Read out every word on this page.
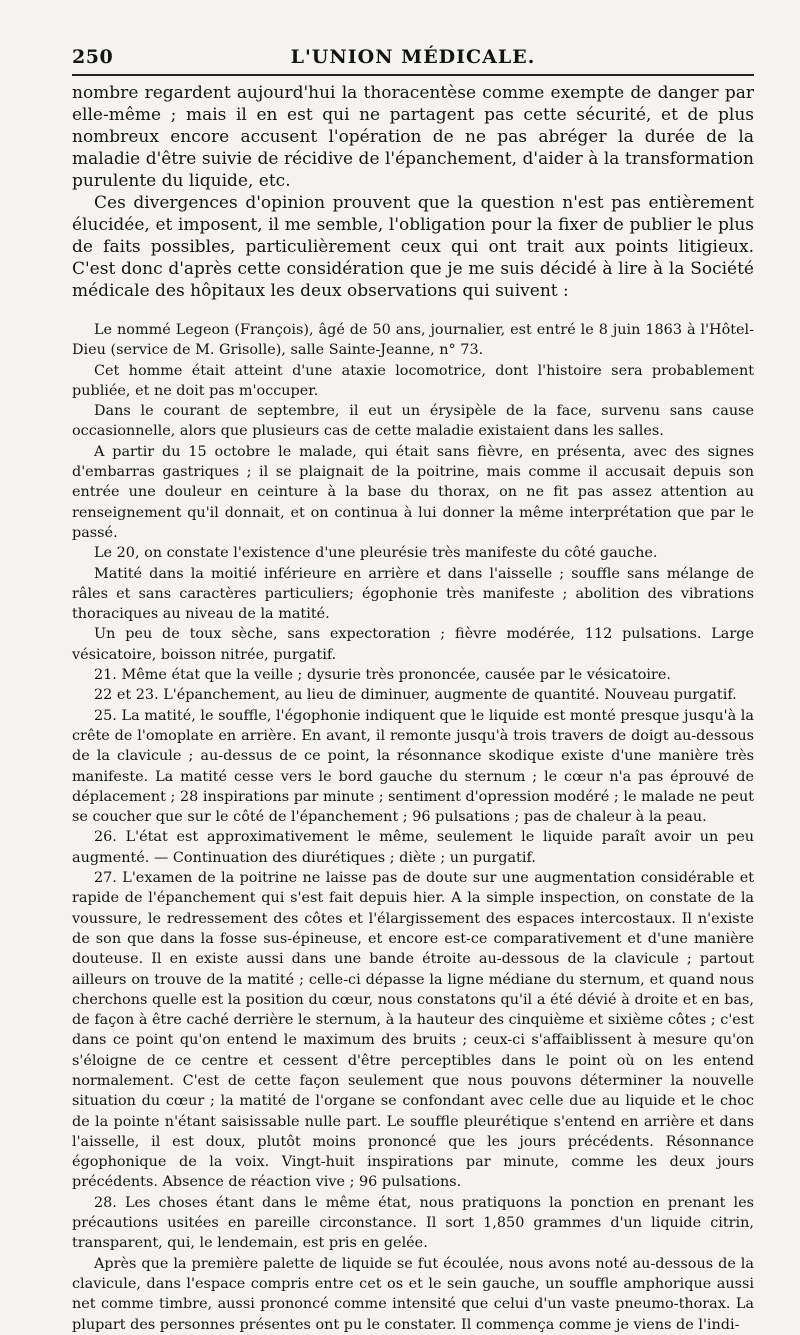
250	L'UNION MÉDICALE.

nombre regardent aujourd'hui la thoracentèse comme exempte de danger par elle-même ; mais il en est qui ne partagent pas cette sécurité, et de plus nombreux encore accusent l'opération de ne pas abréger la durée de la maladie d'être suivie de récidive de l'épanchement, d'aider à la transformation purulente du liquide, etc.

Ces divergences d'opinion prouvent que la question n'est pas entièrement élucidée, et imposent, il me semble, l'obligation pour la fixer de publier le plus de faits possibles, particulièrement ceux qui ont trait aux points litigieux. C'est donc d'après cette considération que je me suis décidé à lire à la Société médicale des hôpitaux les deux observations qui suivent :

Le nommé Legeon (François), âgé de 50 ans, journalier, est entré le 8 juin 1863 à l'Hôtel-Dieu (service de M. Grisolle), salle Sainte-Jeanne, n° 73.

Cet homme était atteint d'une ataxie locomotrice, dont l'histoire sera probablement publiée, et ne doit pas m'occuper.

Dans le courant de septembre, il eut un érysipèle de la face, survenu sans cause occasionnelle, alors que plusieurs cas de cette maladie existaient dans les salles.

A partir du 15 octobre le malade, qui était sans fièvre, en présenta, avec des signes d'embarras gastriques ; il se plaignait de la poitrine, mais comme il accusait depuis son entrée une douleur en ceinture à la base du thorax, on ne fit pas assez attention au renseignement qu'il donnait, et on continua à lui donner la même interprétation que par le passé.

Le 20, on constate l'existence d'une pleurésie très manifeste du côté gauche.

Matité dans la moitié inférieure en arrière et dans l'aisselle ; souffle sans mélange de râles et sans caractères particuliers; égophonie très manifeste ; abolition des vibrations thoraciques au niveau de la matité.

Un peu de toux sèche, sans expectoration ; fièvre modérée, 112 pulsations. Large vésicatoire, boisson nitrée, purgatif.

21. Même état que la veille ; dysurie très prononcée, causée par le vésicatoire.

22 et 23. L'épanchement, au lieu de diminuer, augmente de quantité. Nouveau purgatif.

25. La matité, le souffle, l'égophonie indiquent que le liquide est monté presque jusqu'à la crête de l'omoplate en arrière. En avant, il remonte jusqu'à trois travers de doigt au-dessous de la clavicule ; au-dessus de ce point, la résonnance skodique existe d'une manière très manifeste. La matité cesse vers le bord gauche du sternum ; le cœur n'a pas éprouvé de déplacement ; 28 inspirations par minute ; sentiment d'opression modéré ; le malade ne peut se coucher que sur le côté de l'épanchement ; 96 pulsations ; pas de chaleur à la peau.

26. L'état est approximativement le même, seulement le liquide paraît avoir un peu augmenté. — Continuation des diurétiques ; diète ; un purgatif.

27. L'examen de la poitrine ne laisse pas de doute sur une augmentation considérable et rapide de l'épanchement qui s'est fait depuis hier. A la simple inspection, on constate de la voussure, le redressement des côtes et l'élargissement des espaces intercostaux. Il n'existe de son que dans la fosse sus-épineuse, et encore est-ce comparativement et d'une manière douteuse. Il en existe aussi dans une bande étroite au-dessous de la clavicule ; partout ailleurs on trouve de la matité ; celle-ci dépasse la ligne médiane du sternum, et quand nous cherchons quelle est la position du cœur, nous constatons qu'il a été dévié à droite et en bas, de façon à être caché derrière le sternum, à la hauteur des cinquième et sixième côtes ; c'est dans ce point qu'on entend le maximum des bruits ; ceux-ci s'affaiblissent à mesure qu'on s'éloigne de ce centre et cessent d'être perceptibles dans le point où on les entend normalement. C'est de cette façon seulement que nous pouvons déterminer la nouvelle situation du cœur ; la matité de l'organe se confondant avec celle due au liquide et le choc de la pointe n'étant saisissable nulle part. Le souffle pleurétique s'entend en arrière et dans l'aisselle, il est doux, plutôt moins prononcé que les jours précédents. Résonnance égophonique de la voix. Vingt-huit inspirations par minute, comme les deux jours précédents. Absence de réaction vive ; 96 pulsations.

28. Les choses étant dans le même état, nous pratiquons la ponction en prenant les précautions usitées en pareille circonstance. Il sort 1,850 grammes d'un liquide citrin, transparent, qui, le lendemain, est pris en gelée.

Après que la première palette de liquide se fut écoulée, nous avons noté au-dessous de la clavicule, dans l'espace compris entre cet os et le sein gauche, un souffle amphorique aussi net comme timbre, aussi prononcé comme intensité que celui d'un vaste pneumo-thorax. La plupart des personnes présentes ont pu le constater. Il commença comme je viens de l'indi-
